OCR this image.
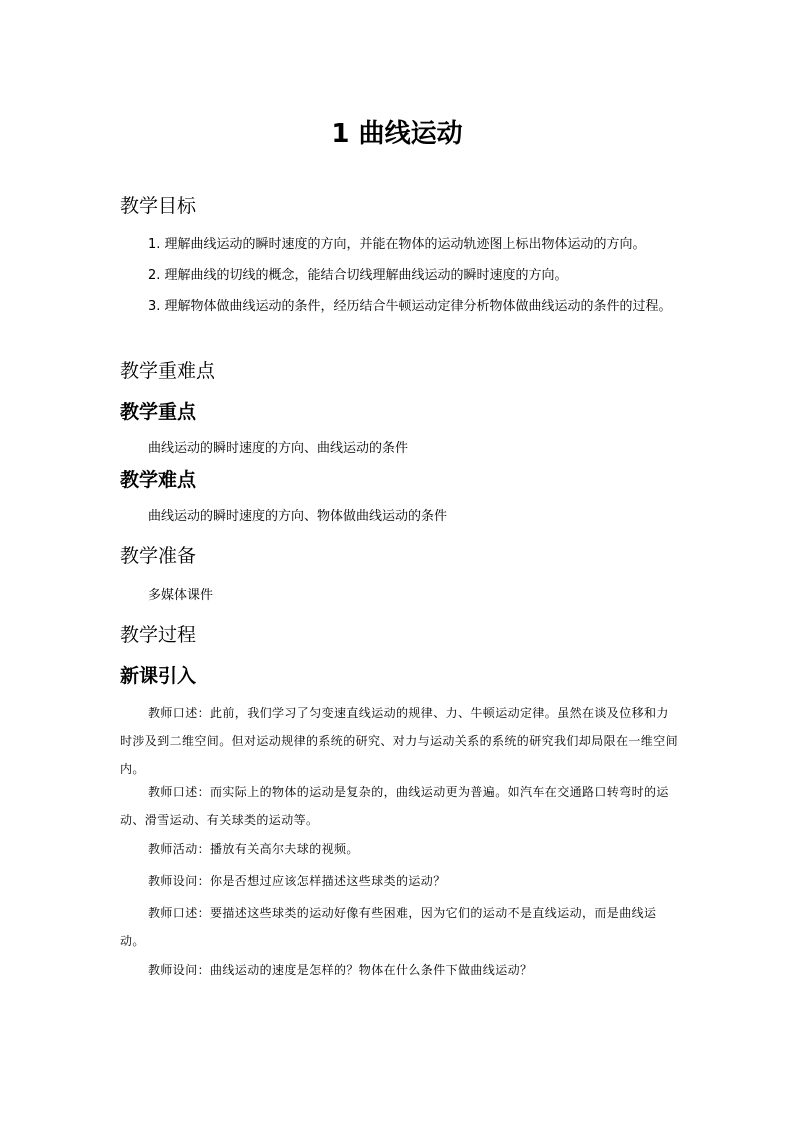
1 曲线运动
教学目标
1. 理解曲线运动的瞬时速度的方向，并能在物体的运动轨迹图上标出物体运动的方向。
2. 理解曲线的切线的概念，能结合切线理解曲线运动的瞬时速度的方向。
3. 理解物体做曲线运动的条件，经历结合牛顿运动定律分析物体做曲线运动的条件的过程。
教学重难点
教学重点
曲线运动的瞬时速度的方向、曲线运动的条件
教学难点
曲线运动的瞬时速度的方向、物体做曲线运动的条件
教学准备
多媒体课件
教学过程
新课引入
教师口述：此前，我们学习了匀变速直线运动的规律、力、牛顿运动定律。虽然在谈及位移和力时涉及到二维空间。但对运动规律的系统的研究、对力与运动关系的系统的研究我们却局限在一维空间内。
教师口述：而实际上的物体的运动是复杂的，曲线运动更为普遍。如汽车在交通路口转弯时的运动、滑雪运动、有关球类的运动等。
教师活动：播放有关高尔夫球的视频。
教师设问：你是否想过应该怎样描述这些球类的运动？
教师口述：要描述这些球类的运动好像有些困难，因为它们的运动不是直线运动，而是曲线运动。
教师设问：曲线运动的速度是怎样的？物体在什么条件下做曲线运动？
